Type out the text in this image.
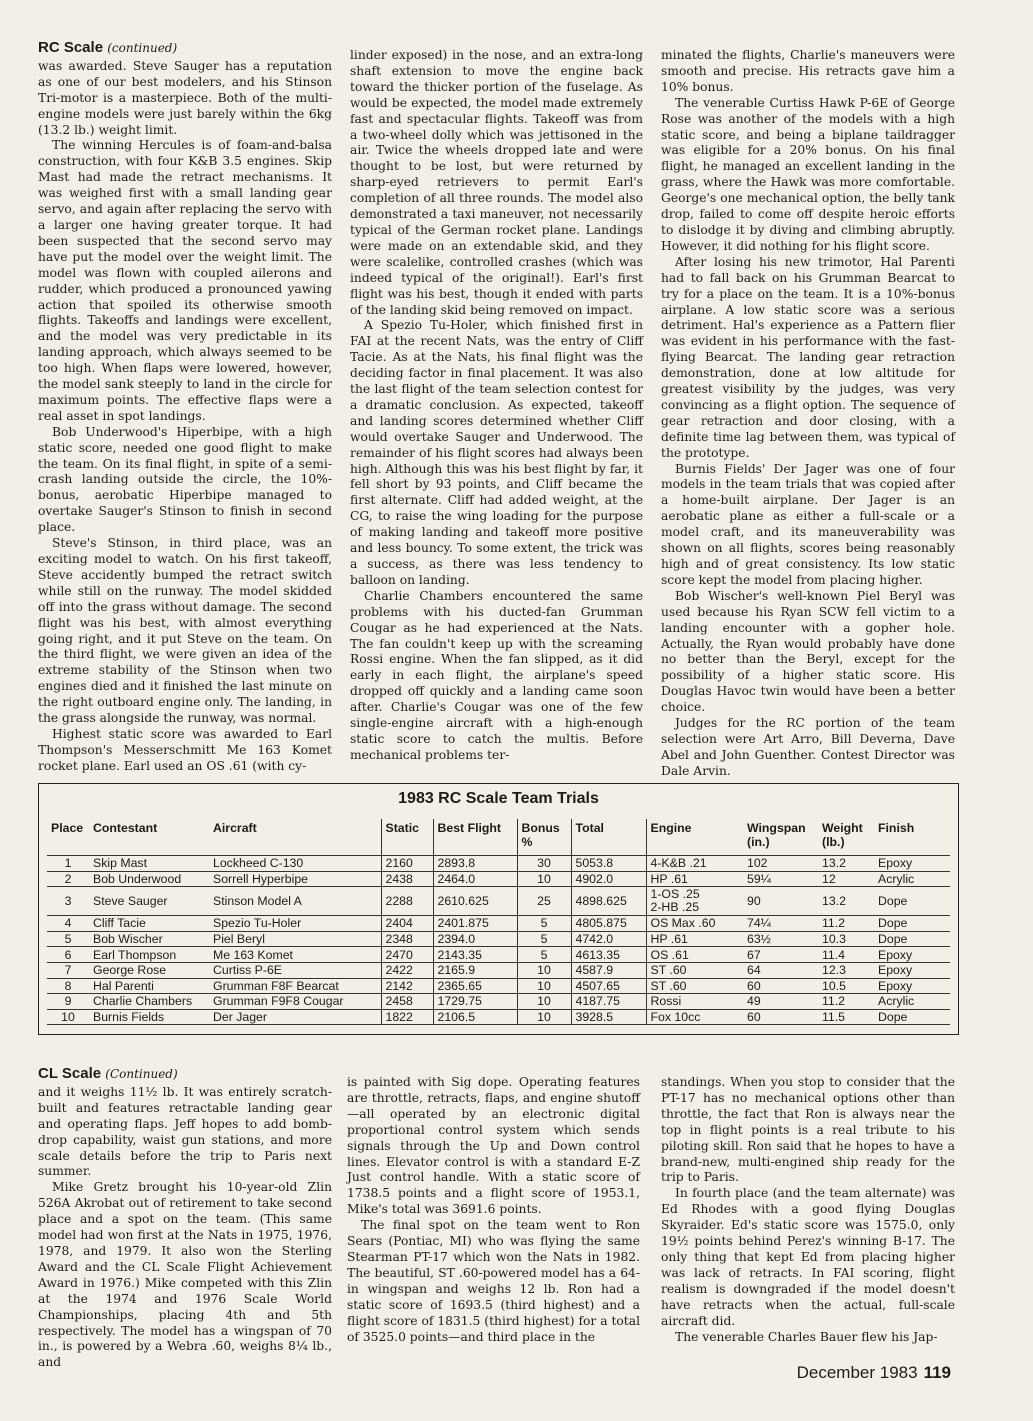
RC Scale (continued)

was awarded. Steve Sauger has a reputation as one of our best modelers, and his Stinson Tri-motor is a masterpiece. Both of the multi-engine models were just barely within the 6kg (13.2 lb.) weight limit.

The winning Hercules is of foam-and-balsa construction, with four K&B 3.5 engines. Skip Mast had made the retract mechanisms. It was weighed first with a small landing gear servo, and again after replacing the servo with a larger one having greater torque. It had been suspected that the second servo may have put the model over the weight limit. The model was flown with coupled ailerons and rudder, which produced a pronounced yawing action that spoiled its otherwise smooth flights. Takeoffs and landings were excellent, and the model was very predictable in its landing approach, which always seemed to be too high. When flaps were lowered, however, the model sank steeply to land in the circle for maximum points. The effective flaps were a real asset in spot landings.

Bob Underwood's Hiperbipe, with a high static score, needed one good flight to make the team. On its final flight, in spite of a semi-crash landing outside the circle, the 10%-bonus, aerobatic Hiperbipe managed to overtake Sauger's Stinson to finish in second place.

Steve's Stinson, in third place, was an exciting model to watch. On his first takeoff, Steve accidently bumped the retract switch while still on the runway. The model skidded off into the grass without damage. The second flight was his best, with almost everything going right, and it put Steve on the team. On the third flight, we were given an idea of the extreme stability of the Stinson when two engines died and it finished the last minute on the right outboard engine only. The landing, in the grass alongside the runway, was normal.

Highest static score was awarded to Earl Thompson's Messerschmitt Me 163 Komet rocket plane. Earl used an OS .61 (with cy-

linder exposed) in the nose, and an extra-long shaft extension to move the engine back toward the thicker portion of the fuselage. As would be expected, the model made extremely fast and spectacular flights. Takeoff was from a two-wheel dolly which was jettisoned in the air. Twice the wheels dropped late and were thought to be lost, but were returned by sharp-eyed retrievers to permit Earl's completion of all three rounds. The model also demonstrated a taxi maneuver, not necessarily typical of the German rocket plane. Landings were made on an extendable skid, and they were scalelike, controlled crashes (which was indeed typical of the original!). Earl's first flight was his best, though it ended with parts of the landing skid being removed on impact.

A Spezio Tu-Holer, which finished first in FAI at the recent Nats, was the entry of Cliff Tacie. As at the Nats, his final flight was the deciding factor in final placement. It was also the last flight of the team selection contest for a dramatic conclusion. As expected, takeoff and landing scores determined whether Cliff would overtake Sauger and Underwood. The remainder of his flight scores had always been high. Although this was his best flight by far, it fell short by 93 points, and Cliff became the first alternate. Cliff had added weight, at the CG, to raise the wing loading for the purpose of making landing and takeoff more positive and less bouncy. To some extent, the trick was a success, as there was less tendency to balloon on landing.

Charlie Chambers encountered the same problems with his ducted-fan Grumman Cougar as he had experienced at the Nats. The fan couldn't keep up with the screaming Rossi engine. When the fan slipped, as it did early in each flight, the airplane's speed dropped off quickly and a landing came soon after. Charlie's Cougar was one of the few single-engine aircraft with a high-enough static score to catch the multis. Before mechanical problems ter-

minated the flights, Charlie's maneuvers were smooth and precise. His retracts gave him a 10% bonus.

The venerable Curtiss Hawk P-6E of George Rose was another of the models with a high static score, and being a biplane taildragger was eligible for a 20% bonus. On his final flight, he managed an excellent landing in the grass, where the Hawk was more comfortable. George's one mechanical option, the belly tank drop, failed to come off despite heroic efforts to dislodge it by diving and climbing abruptly. However, it did nothing for his flight score.

After losing his new trimotor, Hal Parenti had to fall back on his Grumman Bearcat to try for a place on the team. It is a 10%-bonus airplane. A low static score was a serious detriment. Hal's experience as a Pattern flier was evident in his performance with the fast-flying Bearcat. The landing gear retraction demonstration, done at low altitude for greatest visibility by the judges, was very convincing as a flight option. The sequence of gear retraction and door closing, with a definite time lag between them, was typical of the prototype.

Burnis Fields' Der Jager was one of four models in the team trials that was copied after a home-built airplane. Der Jager is an aerobatic plane as either a full-scale or a model craft, and its maneuverability was shown on all flights, scores being reasonably high and of great consistency. Its low static score kept the model from placing higher.

Bob Wischer's well-known Piel Beryl was used because his Ryan SCW fell victim to a landing encounter with a gopher hole. Actually, the Ryan would probably have done no better than the Beryl, except for the possibility of a higher static score. His Douglas Havoc twin would have been a better choice.

Judges for the RC portion of the team selection were Art Arro, Bill Deverna, Dave Abel and John Guenther. Contest Director was Dale Arvin.

1983 RC Scale Team Trials
Place	Contestant	Aircraft	Static	Best Flight	Bonus %	Total	Engine	Wingspan (in.)	Weight (lb.)	Finish
1	Skip Mast	Lockheed C-130	2160	2893.8	30	5053.8	4-K&B .21	102	13.2	Epoxy
2	Bob Underwood	Sorrell Hyperbipe	2438	2464.0	10	4902.0	HP .61	59¼	12	Acrylic
3	Steve Sauger	Stinson Model A	2288	2610.625	25	4898.625	1-OS .25
2-HB .25	90	13.2	Dope
4	Cliff Tacie	Spezio Tu-Holer	2404	2401.875	5	4805.875	OS Max .60	74¼	11.2	Dope
5	Bob Wischer	Piel Beryl	2348	2394.0	5	4742.0	HP .61	63½	10.3	Dope
6	Earl Thompson	Me 163 Komet	2470	2143.35	5	4613.35	OS .61	67	11.4	Epoxy
7	George Rose	Curtiss P-6E	2422	2165.9	10	4587.9	ST .60	64	12.3	Epoxy
8	Hal Parenti	Grumman F8F Bearcat	2142	2365.65	10	4507.65	ST .60	60	10.5	Epoxy
9	Charlie Chambers	Grumman F9F8 Cougar	2458	1729.75	10	4187.75	Rossi	49	11.2	Acrylic
10	Burnis Fields	Der Jager	1822	2106.5	10	3928.5	Fox 10cc	60	11.5	Dope
CL Scale (Continued)

and it weighs 11½ lb. It was entirely scratch-built and features retractable landing gear and operating flaps. Jeff hopes to add bomb-drop capability, waist gun stations, and more scale details before the trip to Paris next summer.

Mike Gretz brought his 10-year-old Zlin 526A Akrobat out of retirement to take second place and a spot on the team. (This same model had won first at the Nats in 1975, 1976, 1978, and 1979. It also won the Sterling Award and the CL Scale Flight Achievement Award in 1976.) Mike competed with this Zlin at the 1974 and 1976 Scale World Championships, placing 4th and 5th respectively. The model has a wingspan of 70 in., is powered by a Webra .60, weighs 8¼ lb., and

is painted with Sig dope. Operating features are throttle, retracts, flaps, and engine shutoff —all operated by an electronic digital proportional control system which sends signals through the Up and Down control lines. Elevator control is with a standard E-Z Just control handle. With a static score of 1738.5 points and a flight score of 1953.1, Mike's total was 3691.6 points.

The final spot on the team went to Ron Sears (Pontiac, MI) who was flying the same Stearman PT-17 which won the Nats in 1982. The beautiful, ST .60-powered model has a 64-in wingspan and weighs 12 lb. Ron had a static score of 1693.5 (third highest) and a flight score of 1831.5 (third highest) for a total of 3525.0 points—and third place in the

standings. When you stop to consider that the PT-17 has no mechanical options other than throttle, the fact that Ron is always near the top in flight points is a real tribute to his piloting skill. Ron said that he hopes to have a brand-new, multi-engined ship ready for the trip to Paris.

In fourth place (and the team alternate) was Ed Rhodes with a good flying Douglas Skyraider. Ed's static score was 1575.0, only 19½ points behind Perez's winning B-17. The only thing that kept Ed from placing higher was lack of retracts. In FAI scoring, flight realism is downgraded if the model doesn't have retracts when the actual, full-scale aircraft did.

The venerable Charles Bauer flew his Jap-

December 1983 119
